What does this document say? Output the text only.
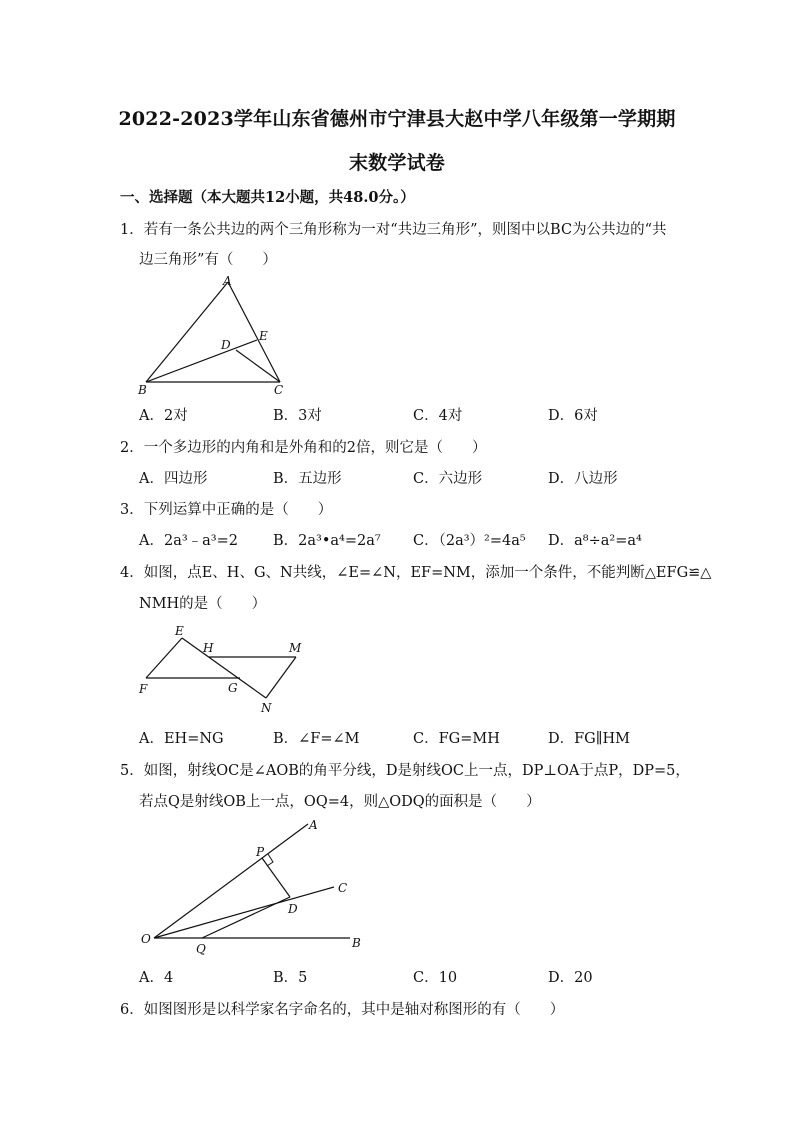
2022-2023学年山东省德州市宁津县大赵中学八年级第一学期期
末数学试卷
一、选择题（本大题共12小题，共48.0分。）
1．若有一条公共边的两个三角形称为一对“共边三角形”，则图中以BC为公共边的“共
边三角形”有（　　）
A
E
D
B	C
A．2对	B．3对	C．4对	D．6对
2．一个多边形的内角和是外角和的2倍，则它是（　　）
A．四边形	B．五边形	C．六边形	D．八边形
3．下列运算中正确的是（　　）
A．2a³﹣a³=2 B．2a³•a⁴=2a⁷ C．（2a³）²=4a⁵ D．a⁸÷a²=a⁴
4．如图，点E、H、G、N共线，∠E=∠N，EF=NM，添加一个条件，不能判断△EFG≌△
NMH的是（　　）
E
H	M
F	G
N
A．EH=NG	B．∠F=∠M	C．FG=MH	D．FG∥HM
5．如图，射线OC是∠AOB的角平分线，D是射线OC上一点，DP⊥OA于点P，DP=5，
若点Q是射线OB上一点，OQ=4，则△ODQ的面积是（　　）
A
P
C
D
O
Q	B
A．4	B．5	C．10	D．20
6．如图图形是以科学家名字命名的，其中是轴对称图形的有（　　）
